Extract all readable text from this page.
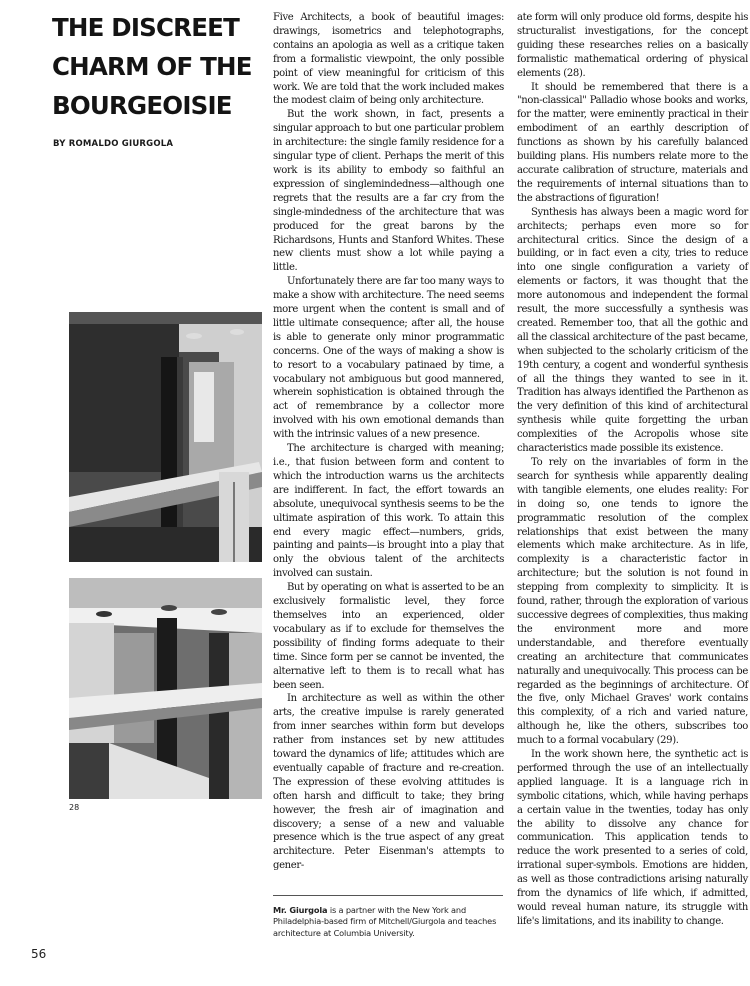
THE DISCREET CHARM OF THE BOURGEOISIE
BY ROMALDO GIURGOLA
28

Five Architects, a book of beautiful images: drawings, isometrics and telephotographs, contains an apologia as well as a critique taken from a formalistic viewpoint, the only possible point of view meaningful for criticism of this work. We are told that the work included makes the modest claim of being only architecture.

But the work shown, in fact, presents a singular approach to but one particular problem in architecture: the single family residence for a singular type of client. Perhaps the merit of this work is its ability to embody so faithful an expression of singlemindedness—although one regrets that the results are a far cry from the single-mindedness of the architecture that was produced for the great barons by the Richardsons, Hunts and Stanford Whites. These new clients must show a lot while paying a little.

Unfortunately there are far too many ways to make a show with architecture. The need seems more urgent when the content is small and of little ultimate consequence; after all, the house is able to generate only minor programmatic concerns. One of the ways of making a show is to resort to a vocabulary patinaed by time, a vocabulary not ambiguous but good mannered, wherein sophistication is obtained through the act of remembrance by a collector more involved with his own emotional demands than with the intrinsic values of a new presence.

The architecture is charged with meaning; i.e., that fusion between form and content to which the introduction warns us the architects are indifferent. In fact, the effort towards an absolute, unequivocal synthesis seems to be the ultimate aspiration of this work. To attain this end every magic effect—numbers, grids, painting and paints—is brought into a play that only the obvious talent of the architects involved can sustain.

But by operating on what is asserted to be an exclusively formalistic level, they force themselves into an experienced, older vocabulary as if to exclude for themselves the possibility of finding forms adequate to their time. Since form per se cannot be invented, the alternative left to them is to recall what has been seen.

In architecture as well as within the other arts, the creative impulse is rarely generated from inner searches within form but develops rather from instances set by new attitudes toward the dynamics of life; attitudes which are eventually capable of fracture and re-creation. The expression of these evolving attitudes is often harsh and difficult to take; they bring however, the fresh air of imagination and discovery; a sense of a new and valuable presence which is the true aspect of any great architecture. Peter Eisenman's attempts to gener-

ate form will only produce old forms, despite his structuralist investigations, for the concept guiding these researches relies on a basically formalistic mathematical ordering of physical elements (28).

It should be remembered that there is a "non-classical" Palladio whose books and works, for the matter, were eminently practical in their embodiment of an earthly description of functions as shown by his carefully balanced building plans. His numbers relate more to the accurate calibration of structure, materials and the requirements of internal situations than to the abstractions of figuration!

Synthesis has always been a magic word for architects; perhaps even more so for architectural critics. Since the design of a building, or in fact even a city, tries to reduce into one single configuration a variety of elements or factors, it was thought that the more autonomous and independent the formal result, the more successfully a synthesis was created. Remember too, that all the gothic and all the classical architecture of the past became, when subjected to the scholarly criticism of the 19th century, a cogent and wonderful synthesis of all the things they wanted to see in it. Tradition has always identified the Parthenon as the very definition of this kind of architectural synthesis while quite forgetting the urban complexities of the Acropolis whose site characteristics made possible its existence.

To rely on the invariables of form in the search for synthesis while apparently dealing with tangible elements, one eludes reality: For in doing so, one tends to ignore the programmatic resolution of the complex relationships that exist between the many elements which make architecture. As in life, complexity is a characteristic factor in architecture; but the solution is not found in stepping from complexity to simplicity. It is found, rather, through the exploration of various successive degrees of complexities, thus making the environment more and more understandable, and therefore eventually creating an architecture that communicates naturally and unequivocally. This process can be regarded as the beginnings of architecture. Of the five, only Michael Graves' work contains this complexity, of a rich and varied nature, although he, like the others, subscribes too much to a formal vocabulary (29).

In the work shown here, the synthetic act is performed through the use of an intellectually applied language. It is a language rich in symbolic citations, which, while having perhaps a certain value in the twenties, today has only the ability to dissolve any chance for communication. This application tends to reduce the work presented to a series of cold, irrational super-symbols. Emotions are hidden, as well as those contradictions arising naturally from the dynamics of life which, if admitted, would reveal human nature, its struggle with life's limitations, and its inability to change.

Mr. Giurgola is a partner with the New York and Philadelphia-based firm of Mitchell/Giurgola and teaches architecture at Columbia University.
56
